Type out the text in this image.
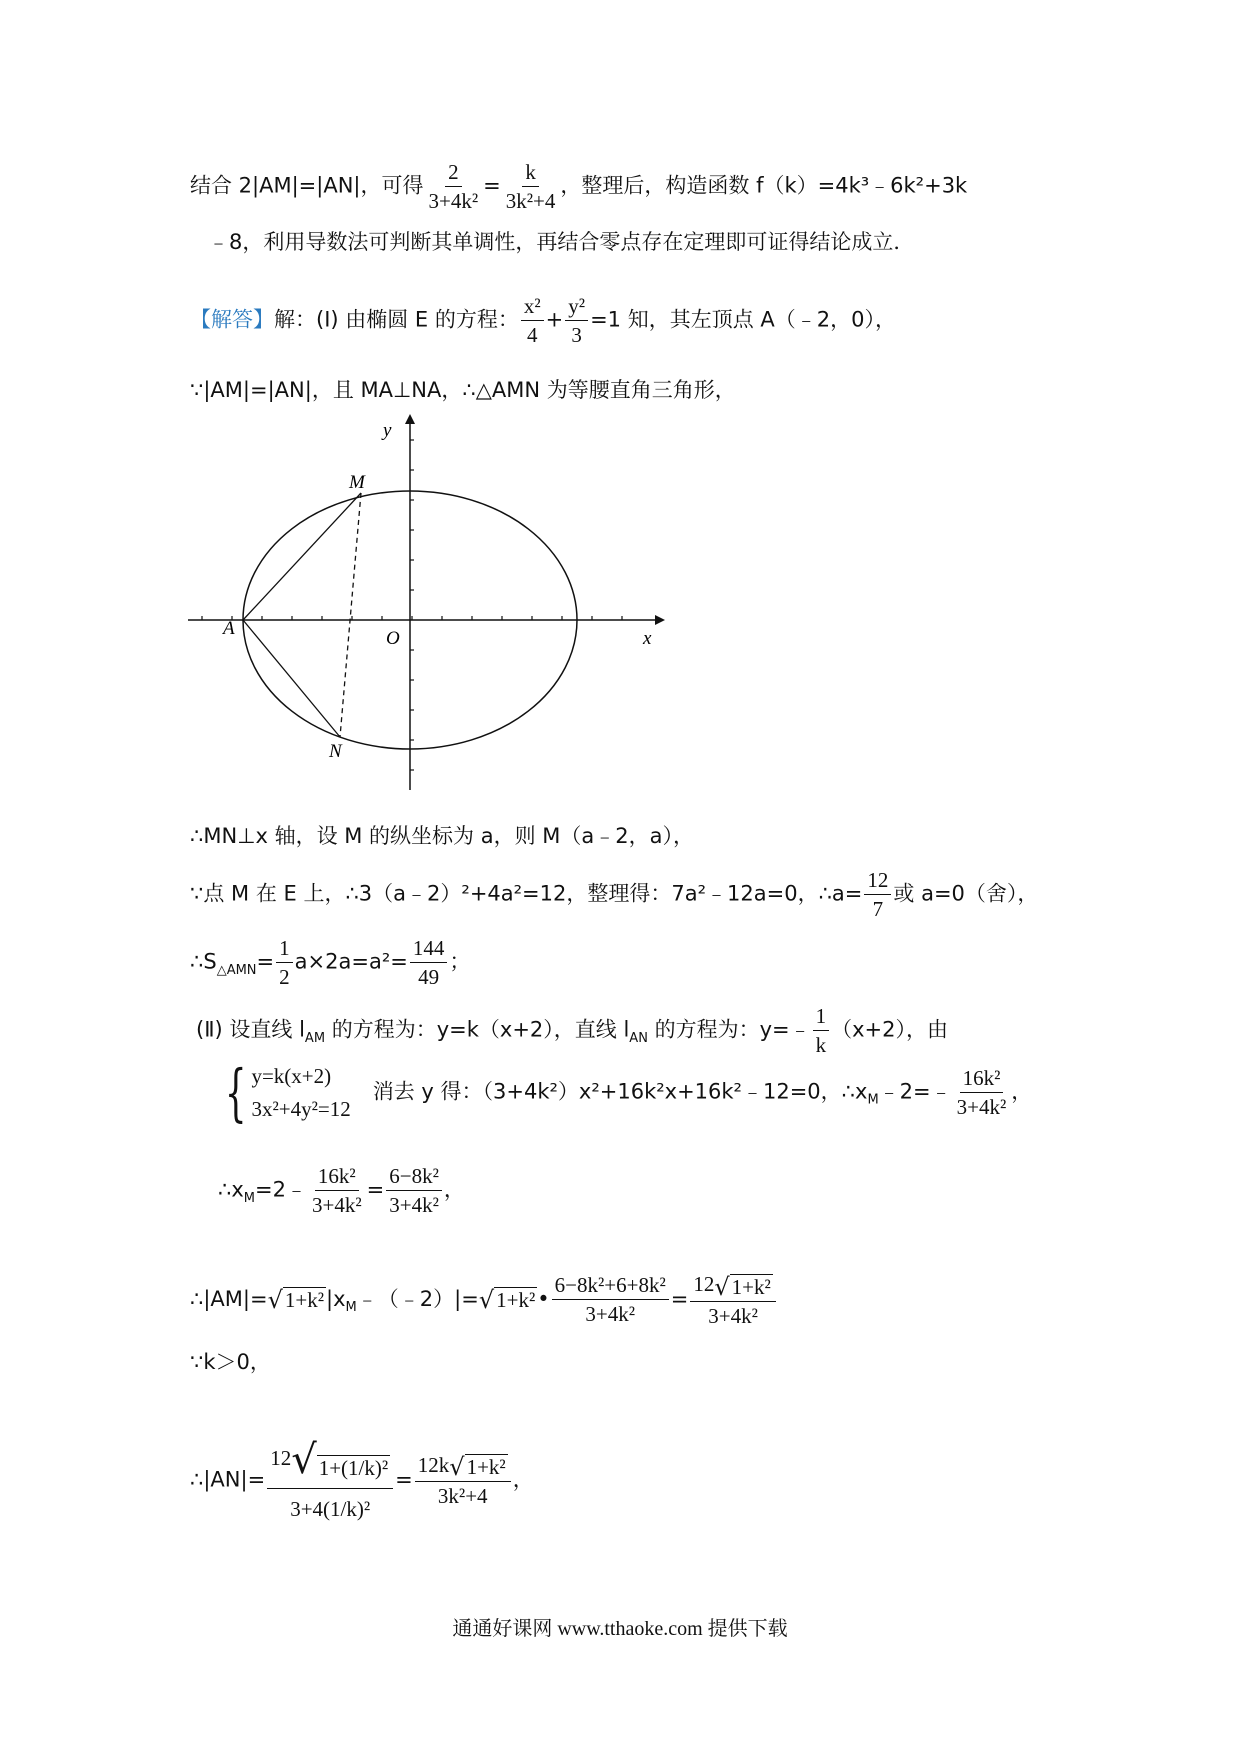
结合 2|AM|=|AN|，可得 $\frac{2}{\text{3+4k²}} = \frac{k}{\text{3k²+4}}$ ，整理后，构造函数 f（k）=4k³﹣6k²+3k
﹣8，利用导数法可判断其单调性，再结合零点存在定理即可证得结论成立．
【解答】解：(Ⅰ) 由椭圆 E 的方程： $\frac{\text{x²}}{4} + \frac{\text{y²}}{3} =1$ 知，其左顶点 A（﹣2，0），
∵|AM|=|AN|，且 MA⊥NA，∴△AMN 为等腰直角三角形，
y
x
O
A
M
N
∴MN⊥x 轴，设 M 的纵坐标为 a，则 M（a﹣2，a），
∵点 M 在 E 上，∴3（a﹣2）²+4a²=12，整理得：7a²﹣12a=0，∴a= $\frac{12}{7}$ 或 a=0（舍），
$\therefore S_{\triangle AMN}= \frac{1}{2} a\times 2a=a^2= \frac{144}{49}$ ；
(Ⅱ) 设直线 $l_{AM}$ 的方程为：y=k（x+2），直线 $l_{AN}$ 的方程为：y=﹣ $\frac{1}{k} (x+2)$，由
{ y=k(x+2)
3x²+4y²=12
消去 y 得：（3+4k²）x²+16k²x+16k²﹣12=0，$\therefore x_M﹣2=﹣ \frac{\text{16k²}}{\text{3+4k²}}$ ，
$\therefore x_M=2﹣ \frac{\text{16k²}}{\text{3+4k²}} = \frac{\text{6−8k²}}{\text{3+4k²}}$ ，
∴|AM|= √ 1+k² $|x_M﹣(﹣2)|=$ √ 1+k² • $\frac{\text{6−8k²+6+8k²}}{\text{3+4k²}} = \frac{\text{12 √ 1+k²}}{\text{3+4k²}}$
∵k＞0，
∴|AN|= $\frac{\text{12 √ 1+(1/k)²}}{\text{3+4(1/k)²}} = \frac{\text{12k √ 1+k²}}{\text{3k²+4}}$ ，
通通好课网 www.tthaoke.com 提供下载
